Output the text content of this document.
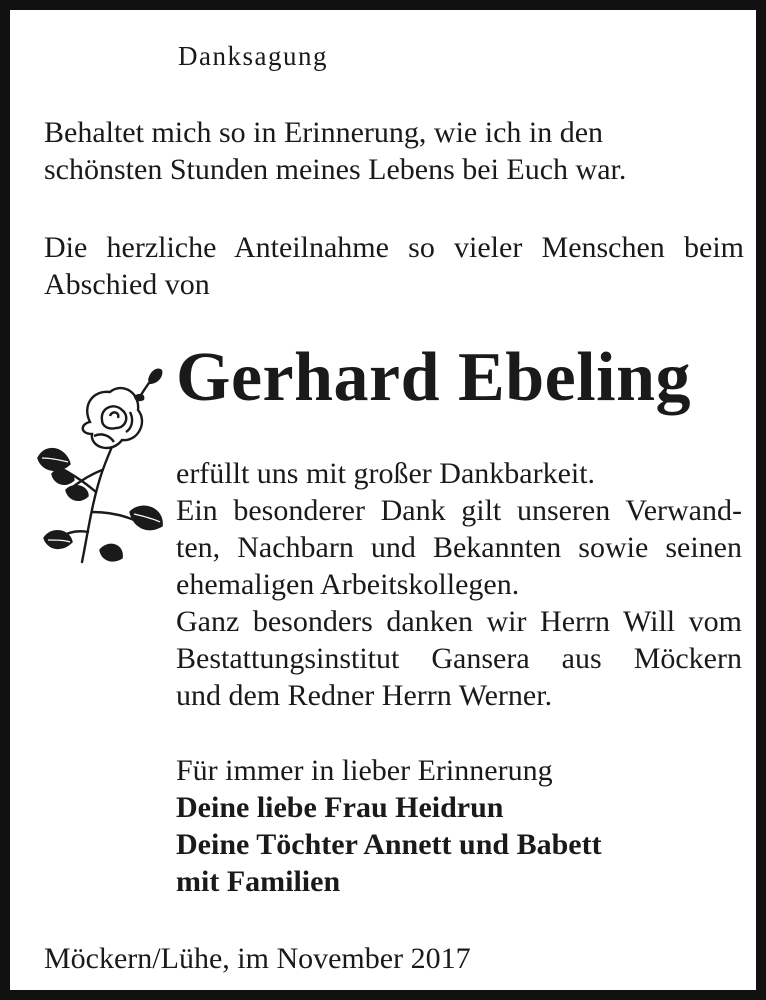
Danksagung
Behaltet mich so in Erinnerung, wie ich in den
schönsten Stunden meines Lebens bei Euch war.
Die herzliche Anteilnahme so vieler Menschen beim
Abschied von
Gerhard Ebeling
erfüllt uns mit großer Dankbarkeit.
Ein besonderer Dank gilt unseren Verwand-
ten, Nachbarn und Bekannten sowie seinen
ehemaligen Arbeitskollegen.
Ganz besonders danken wir Herrn Will vom
Bestattungsinstitut Gansera aus Möckern
und dem Redner Herrn Werner.
Für immer in lieber Erinnerung
Deine liebe Frau Heidrun
Deine Töchter Annett und Babett
mit Familien
Möckern/Lühe, im November 2017
